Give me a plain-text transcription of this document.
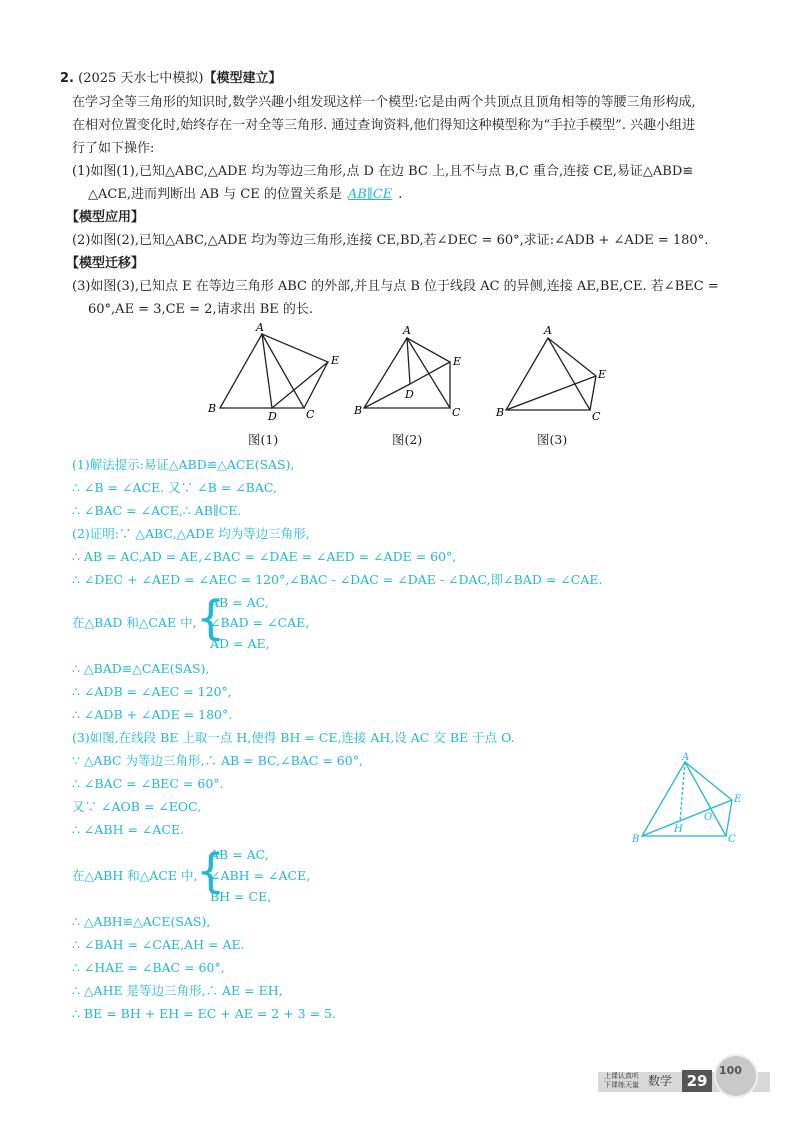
2. (2025 天水七中模拟)【模型建立】
在学习全等三角形的知识时,数学兴趣小组发现这样一个模型:它是由两个共顶点且顶角相等的等腰三角形构成,
在相对位置变化时,始终存在一对全等三角形. 通过查询资料,他们得知这种模型称为“手拉手模型”. 兴趣小组进
行了如下操作:
(1)如图(1),已知△ABC,△ADE 均为等边三角形,点 D 在边 BC 上,且不与点 B,C 重合,连接 CE,易证△ABD≌
△ACE,进而判断出 AB 与 CE 的位置关系是 AB∥CE .
【模型应用】
(2)如图(2),已知△ABC,△ADE 均为等边三角形,连接 CE,BD,若∠DEC = 60°,求证:∠ADB + ∠ADE = 180°.
【模型迁移】
(3)如图(3),已知点 E 在等边三角形 ABC 的外部,并且与点 B 位于线段 AC 的异侧,连接 AE,BE,CE. 若∠BEC =
60°,AE = 3,CE = 2,请求出 BE 的长.
A
B	C
D
E
图(1)
A
B	C
D
E
图(2)
A
B	C
E
图(3)
(1)解法提示:易证△ABD≌△ACE(SAS),
∴ ∠B = ∠ACE. 又∵ ∠B = ∠BAC,
∴ ∠BAC = ∠ACE,∴ AB∥CE.
(2)证明:∵ △ABC,△ADE 均为等边三角形,
∴ AB = AC,AD = AE,∠BAC = ∠DAE = ∠AED = ∠ADE = 60°,
∴ ∠DEC + ∠AED = ∠AEC = 120°,∠BAC - ∠DAC = ∠DAE - ∠DAC,即∠BAD = ∠CAE.
在△BAD 和△CAE 中, {
AB = AC,
∠BAD = ∠CAE,
AD = AE,
∴ △BAD≌△CAE(SAS),
∴ ∠ADB = ∠AEC = 120°,
∴ ∠ADB + ∠ADE = 180°.
(3)如图,在线段 BE 上取一点 H,使得 BH = CE,连接 AH,设 AC 交 BE 于点 O.
∵ △ABC 为等边三角形,∴ AB = BC,∠BAC = 60°,
∴ ∠BAC = ∠BEC = 60°.
又∵ ∠AOB = ∠EOC,
∴ ∠ABH = ∠ACE.
在△ABH 和△ACE 中,
{
AB = AC,
∠ABH = ∠ACE,
BH = CE,
∴ △ABH≌△ACE(SAS),
∴ ∠BAH = ∠CAE,AH = AE.
∴ ∠HAE = ∠BAC = 60°,
∴ △AHE 是等边三角形,∴ AE = EH,
∴ BE = BH + EH = EC + AE = 2 + 3 = 5.
A
B	C
E
H
O
上课认真听
下课练天量 数学 29
100
